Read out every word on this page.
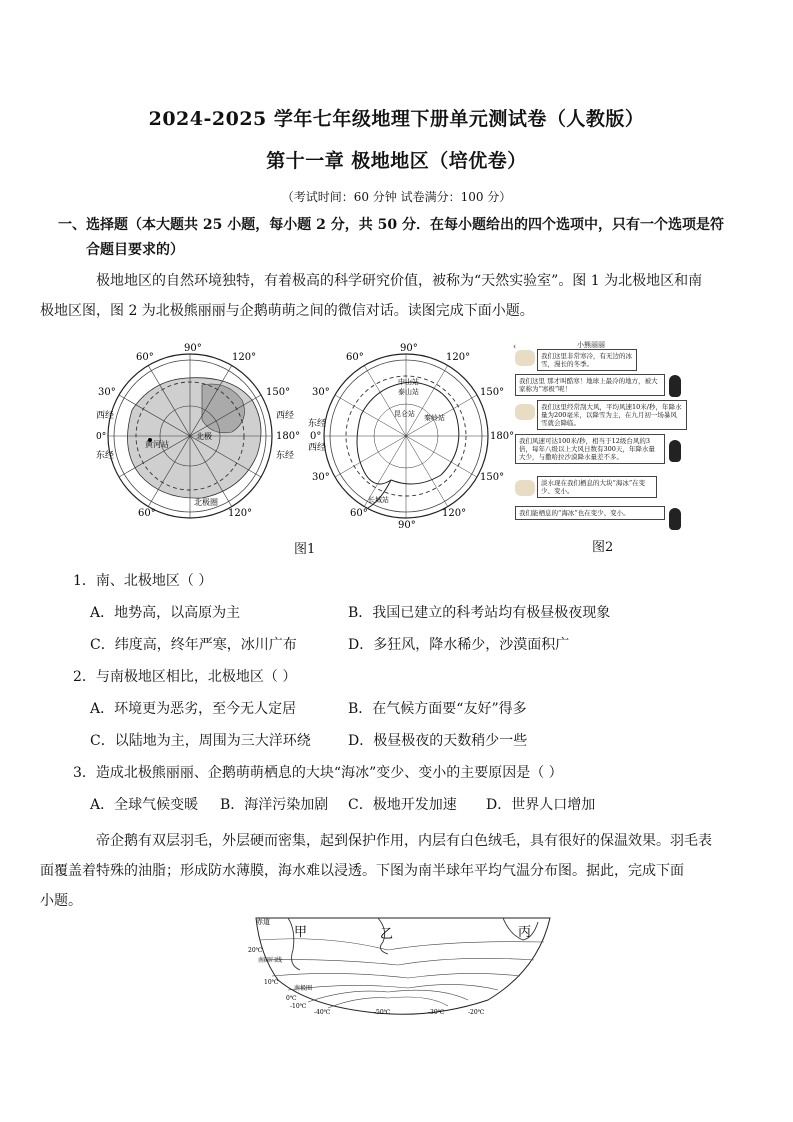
2024-2025 学年七年级地理下册单元测试卷（人教版）
第十一章 极地地区（培优卷）
（考试时间：60 分钟 试卷满分：100 分）
一、选择题（本大题共 25 小题，每小题 2 分，共 50 分．在每小题给出的四个选项中，只有一个选项是符
合题目要求的）
极地地区的自然环境独特，有着极高的科学研究价值，被称为“天然实验室”。图 1 为北极地区和南
极地区图，图 2 为北极熊丽丽与企鹅萌萌之间的微信对话。读图完成下面小题。
90°
60°	120°
30°	150°
西经
0°
东经
180°
西经
东经
黄河站
北极
北极圈
60°	120°
90°
60°	120°
30°	150°
东经
0°
西经
180°
中山站
泰山站
昆仑站 秦岭站
长城站
60°	120°
150°
30°
90°
图1
小熊丽丽
‹
我们这里非常寒冷，有无边的冰雪，漫长的冬季。
我们这里 那才叫酷寒！地球上最冷的地方，被大家称为“寒极”呢！
我们这里经常刮大风，平均风速10米/秒，年降水量为200毫米，以降雪为主，在九月初一场暴风雪就会降临。
我们风速可达100米/秒，相当于12级台风的3倍，每年八级以上大风日数有300天，年降水量大少，与撒哈拉沙漠降水量差不多。
淡水现在我们栖息的大块“海冰”在变少、变小。
我们能栖息的“海冰”也在变少、变小。
图2
1．南、北极地区（ ）
A．地势高，以高原为主	B．我国已建立的科考站均有极昼极夜现象
C．纬度高，终年严寒，冰川广布	D．多狂风，降水稀少，沙漠面积广
2．与南极地区相比，北极地区（ ）
A．环境更为恶劣，至今无人定居	B．在气候方面要“友好”得多
C．以陆地为主，周围为三大洋环绕	D．极昼极夜的天数稍少一些
3．造成北极熊丽丽、企鹅萌萌栖息的大块“海冰”变少、变小的主要原因是（ ）
A．全球气候变暖 B．海洋污染加剧 C．极地开发加速 D．世界人口增加
帝企鹅有双层羽毛，外层硬而密集，起到保护作用，内层有白色绒毛，具有很好的保温效果。羽毛表
面覆盖着特殊的油脂；形成防水薄膜，海水难以浸透。下图为南半球年平均气温分布图。据此，完成下面
小题。
赤道
甲	乙	丙
20℃
南回归线
10℃
南极圈
0℃
-10℃
-40℃	-50℃	-30℃	-20℃
